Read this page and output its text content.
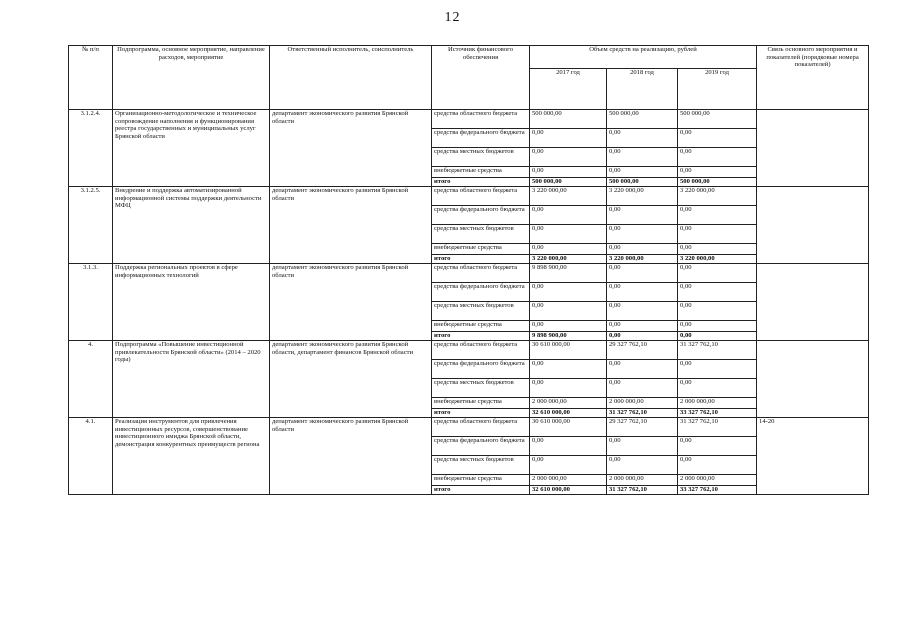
12
№ п/п	Подпрограмма, основное мероприятие, направление расходов, мероприятие	Ответственный исполнитель, соисполнитель	Источник финансового обеспечения	Объем средств на реализацию, рублей			Связь основного мероприятия и показателей (порядковые номера показателей)
				2017 год	2018 год	2019 год	
3.1.2.4.	Организационно-методологическое и техническое сопровождение наполнения и функционирования реестра государственных и муниципальных услуг Брянской области	департамент экономического развития Брянской области	средства областного бюджета	500 000,00	500 000,00	500 000,00	
			средства федерального бюджета	0,00	0,00	0,00	
			средства местных бюджетов	0,00	0,00	0,00	
			внебюджетные средства	0,00	0,00	0,00	
			итого	500 000,00	500 000,00	500 000,00	
3.1.2.5.	Внедрение и поддержка автоматизированной информационной системы поддержки деятельности МФЦ	департамент экономического развития Брянской области	средства областного бюджета	3 220 000,00	3 220 000,00	3 220 000,00	
			средства федерального бюджета	0,00	0,00	0,00	
			средства местных бюджетов	0,00	0,00	0,00	
			внебюджетные средства	0,00	0,00	0,00	
			итого	3 220 000,00	3 220 000,00	3 220 000,00	
3.1.3.	Поддержка региональных проектов в сфере информационных технологий	департамент экономического развития Брянской области	средства областного бюджета	9 898 900,00	0,00	0,00	
			средства федерального бюджета	0,00	0,00	0,00	
			средства местных бюджетов	0,00	0,00	0,00	
			внебюджетные средства	0,00	0,00	0,00	
			итого	9 898 900,00	0,00	0,00	
4.	Подпрограмма «Повышение инвестиционной привлекательности Брянской области» (2014 – 2020 годы)	департамент экономического развития Брянской области, департамент финансов Брянской области	средства областного бюджета	30 610 000,00	29 327 762,10	31 327 762,10	
			средства федерального бюджета	0,00	0,00	0,00	
			средства местных бюджетов	0,00	0,00	0,00	
			внебюджетные средства	2 000 000,00	2 000 000,00	2 000 000,00	
			итого	32 610 000,00	31 327 762,10	33 327 762,10	
4.1.	Реализация инструментов для привлечения инвестиционных ресурсов, совершенствование инвестиционного имиджа Брянской области, демонстрация конкурентных преимуществ региона	департамент экономического развития Брянской области	средства областного бюджета	30 610 000,00	29 327 762,10	31 327 762,10	14-20
			средства федерального бюджета	0,00	0,00	0,00	
			средства местных бюджетов	0,00	0,00	0,00	
			внебюджетные средства	2 000 000,00	2 000 000,00	2 000 000,00	
			итого	32 610 000,00	31 327 762,10	33 327 762,10	
